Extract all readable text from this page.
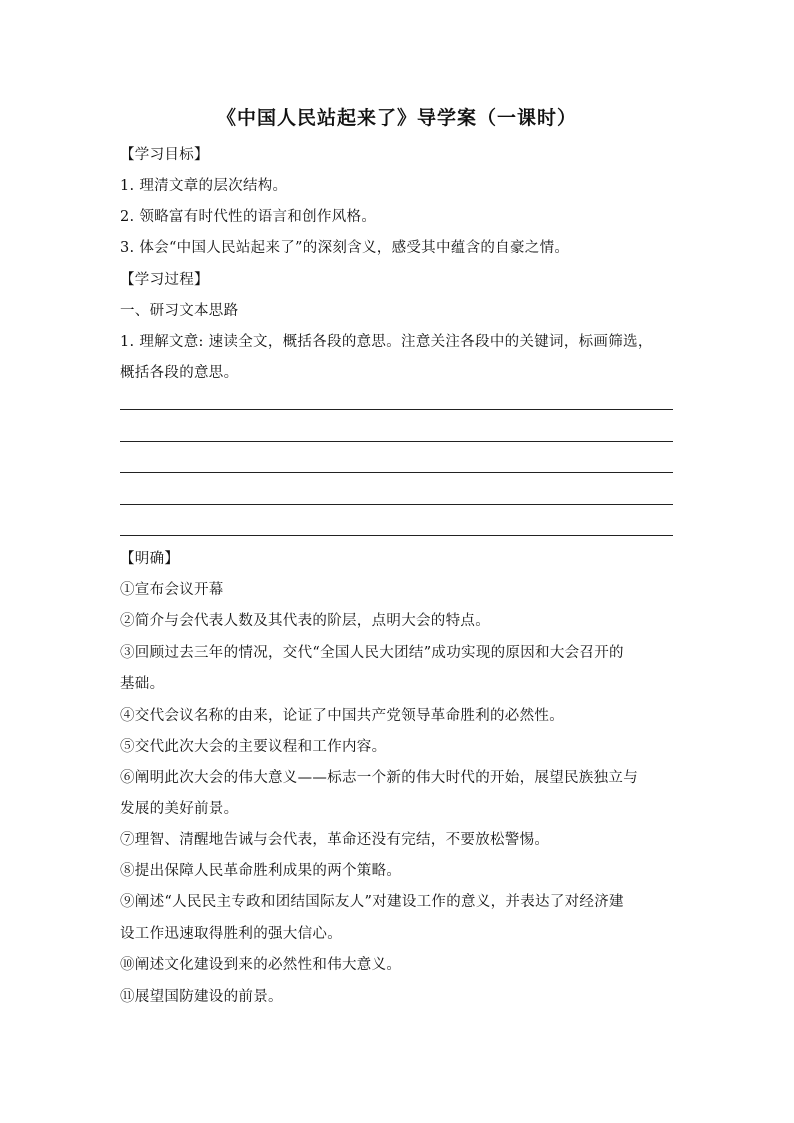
《中国人民站起来了》导学案（一课时）
【学习目标】
1. 理清文章的层次结构。
2. 领略富有时代性的语言和创作风格。
3. 体会“中国人民站起来了”的深刻含义，感受其中蕴含的自豪之情。
【学习过程】
一、研习文本思路
1. 理解文意: 速读全文，概括各段的意思。注意关注各段中的关键词，标画筛选，
概括各段的意思。
【明确】
①宣布会议开幕
②简介与会代表人数及其代表的阶层，点明大会的特点。
③回顾过去三年的情况，交代“全国人民大团结”成功实现的原因和大会召开的
基础。
④交代会议名称的由来，论证了中国共产党领导革命胜利的必然性。
⑤交代此次大会的主要议程和工作内容。
⑥阐明此次大会的伟大意义——标志一个新的伟大时代的开始，展望民族独立与
发展的美好前景。
⑦理智、清醒地告诫与会代表，革命还没有完结，不要放松警惕。
⑧提出保障人民革命胜利成果的两个策略。
⑨阐述“人民民主专政和团结国际友人”对建设工作的意义，并表达了对经济建
设工作迅速取得胜利的强大信心。
⑩阐述文化建设到来的必然性和伟大意义。
⑪展望国防建设的前景。
